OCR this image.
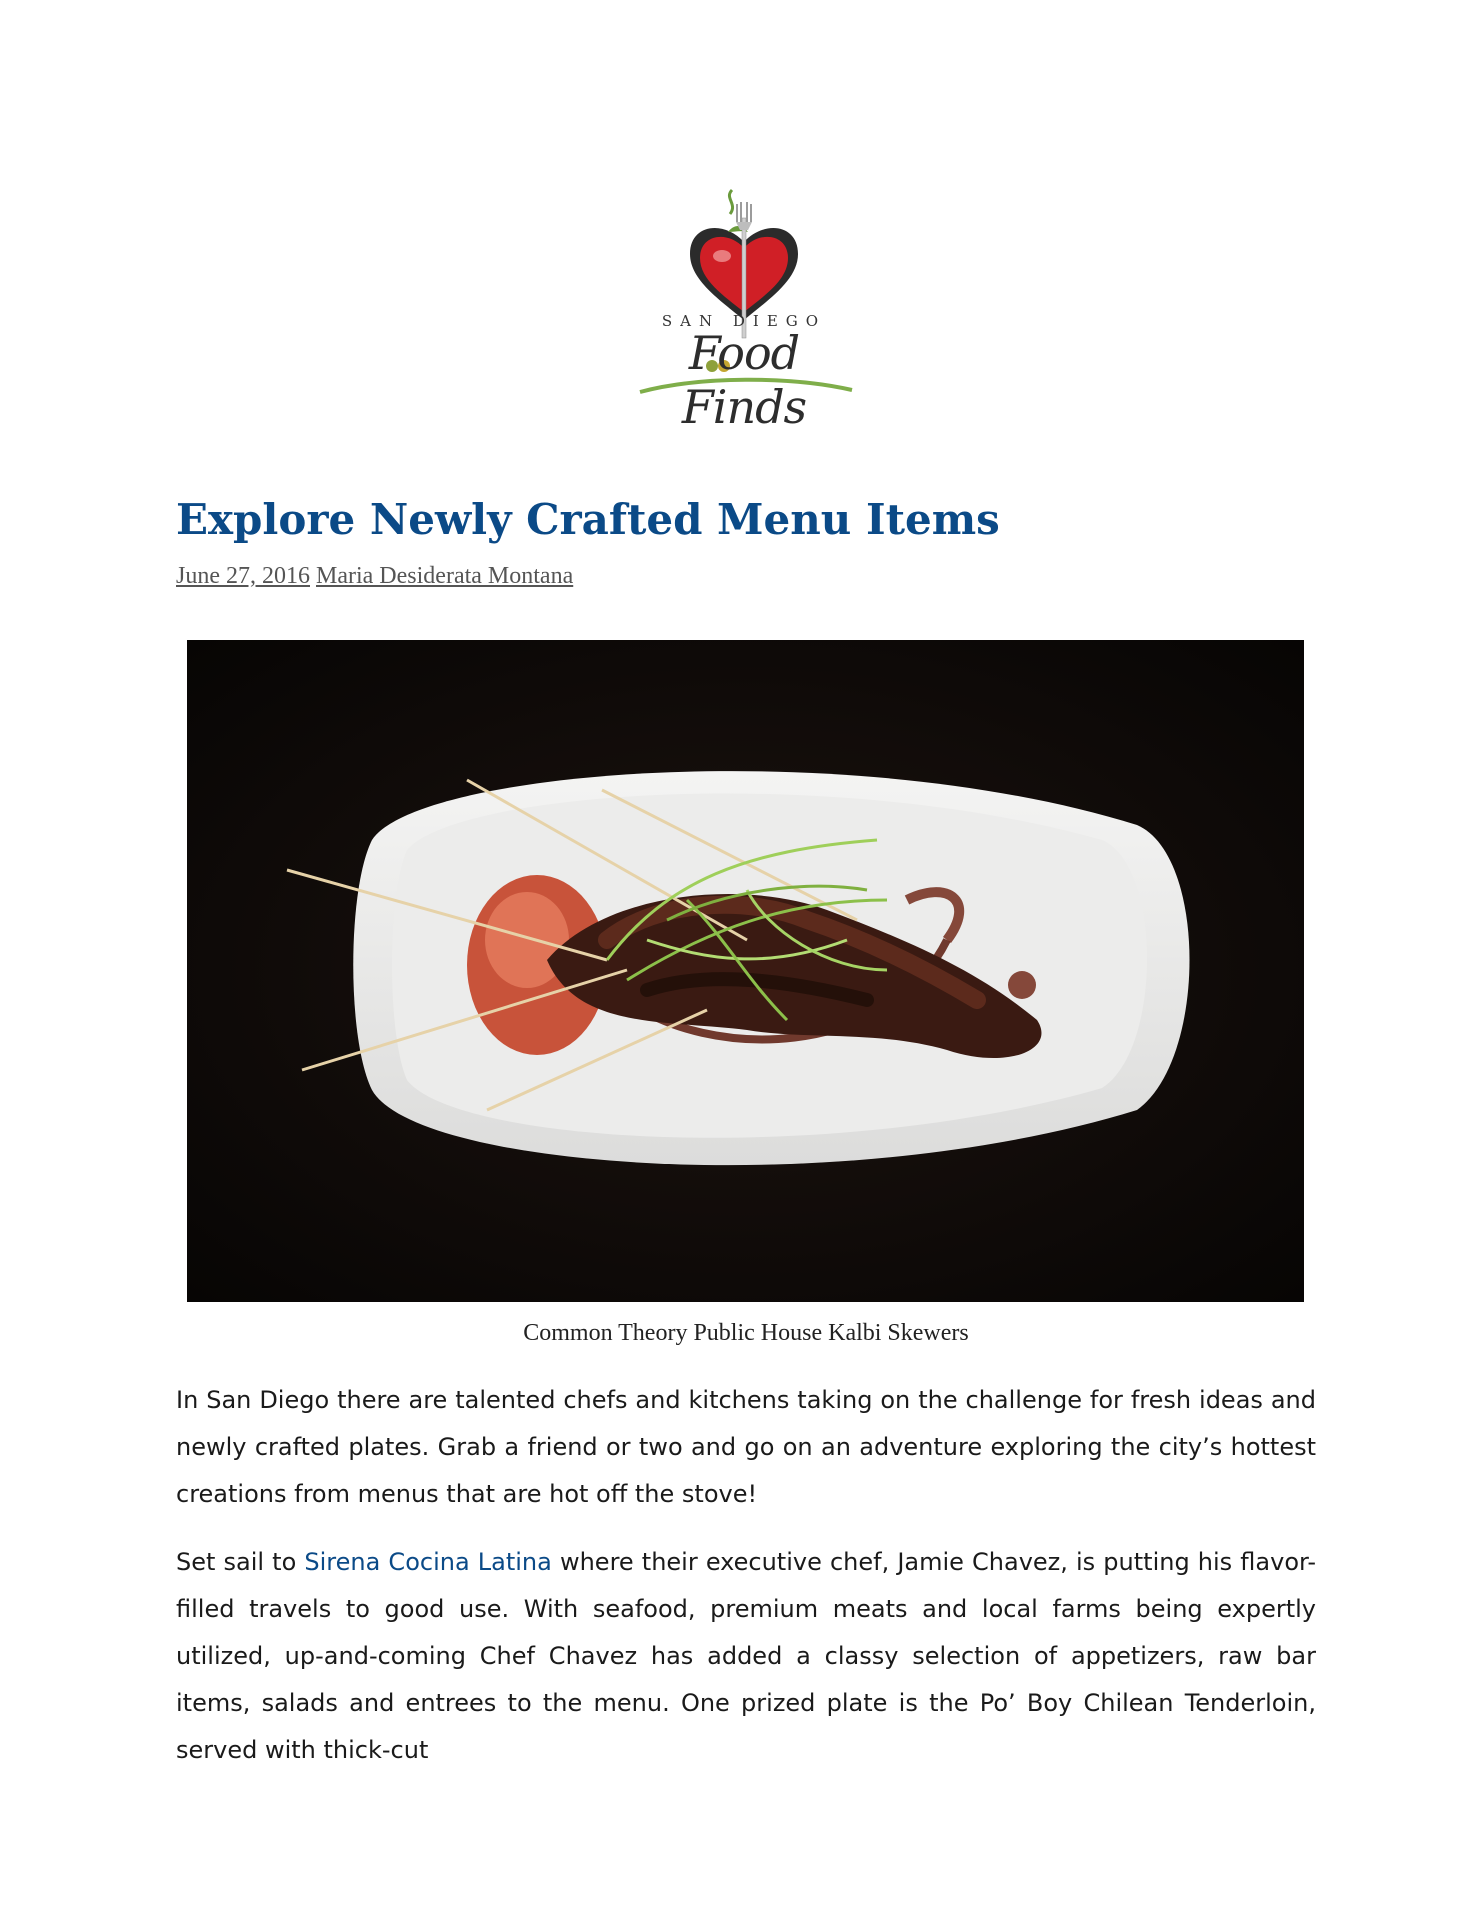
SAN DIEGO
Food Finds
Explore Newly Crafted Menu Items
June 27, 2016 Maria Desiderata Montana
Common Theory Public House Kalbi Skewers

In San Diego there are talented chefs and kitchens taking on the challenge for fresh ideas and newly crafted plates. Grab a friend or two and go on an adventure exploring the city’s hottest creations from menus that are hot off the stove!

Set sail to Sirena Cocina Latina where their executive chef, Jamie Chavez, is putting his flavor-filled travels to good use. With seafood, premium meats and local farms being expertly utilized, up-and-coming Chef Chavez has added a classy selection of appetizers, raw bar items, salads and entrees to the menu. One prized plate is the Po’ Boy Chilean Tenderloin, served with thick-cut
